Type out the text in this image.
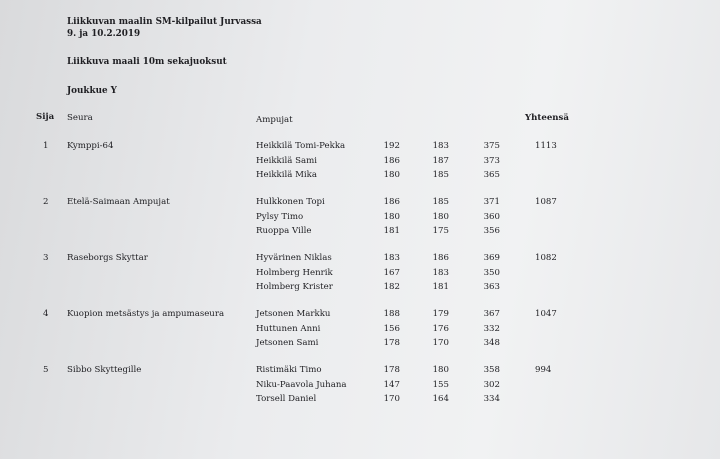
Liikkuvan maalin SM-kilpailut Jurvassa
9. ja 10.2.2019
Liikkuva maali 10m sekajuoksut
Joukkue Y
Sija Seura	Ampujat	Yhteensä
1 Kymppi-64	1113
Heikkilä Tomi-Pekka	192	183	375
Heikkilä Sami	186	187	373
Heikkilä Mika	180	185	365
2 Etelä-Saimaan Ampujat	1087
Hulkkonen Topi	186	185	371
Pylsy Timo	180	180	360
Ruoppa Ville	181	175	356
3 Raseborgs Skyttar	1082
Hyvärinen Niklas	183	186	369
Holmberg Henrik	167	183	350
Holmberg Krister	182	181	363
4 Kuopion metsästys ja ampumaseura	1047
Jetsonen Markku	188	179	367
Huttunen Anni	156	176	332
Jetsonen Sami	178	170	348
5 Sibbo Skyttegille	994
Ristimäki Timo	178	180	358
Niku-Paavola Juhana	147	155	302
Torsell Daniel	170	164	334
